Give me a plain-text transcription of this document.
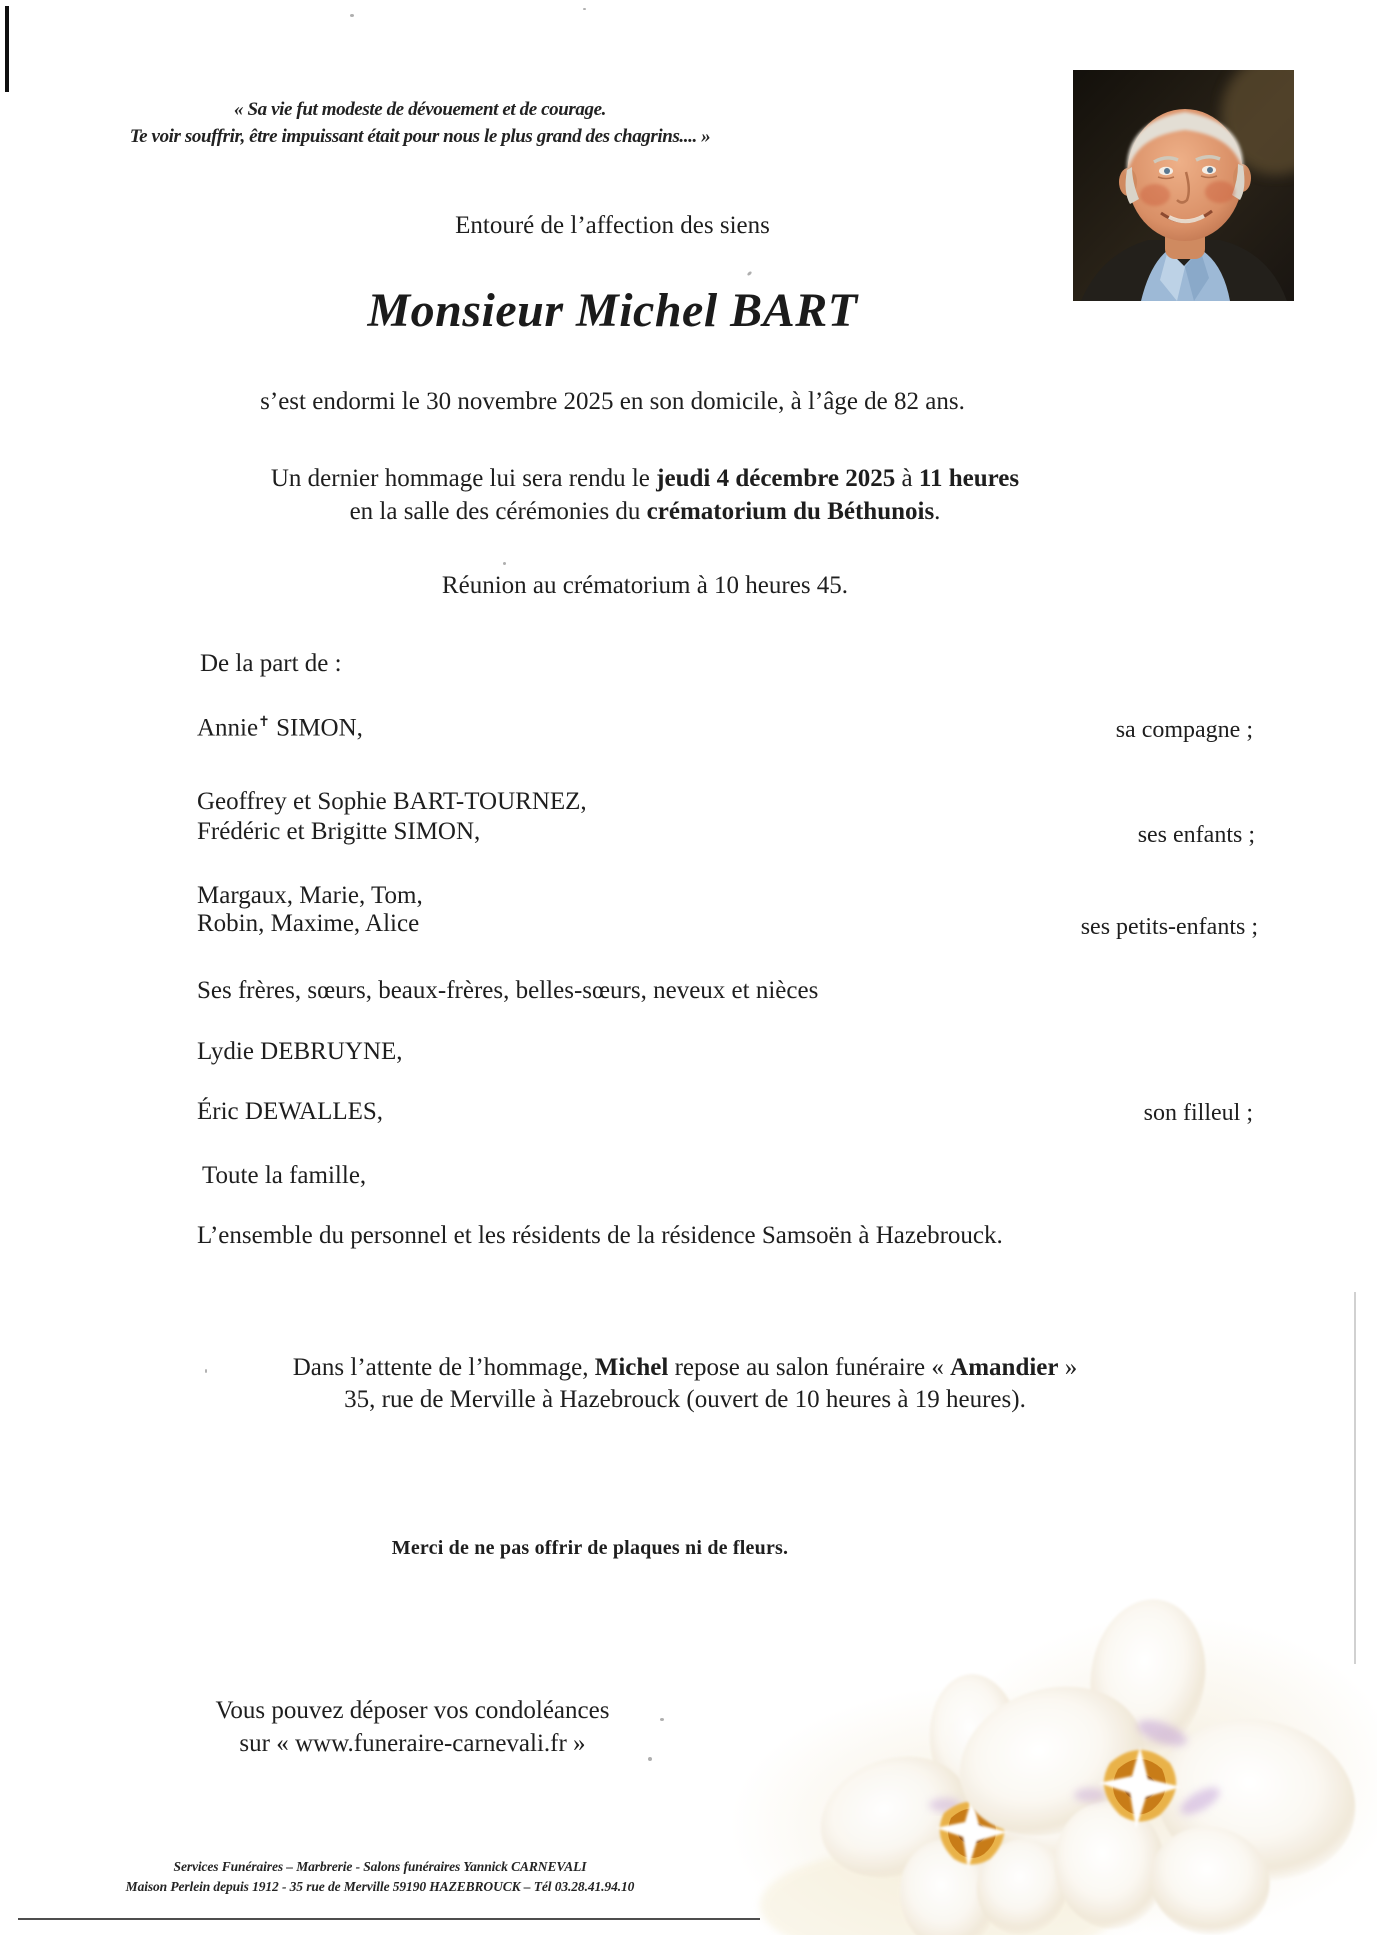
« Sa vie fut modeste de dévouement et de courage.
Te voir souffrir, être impuissant était pour nous le plus grand des chagrins.... »
Entouré de l’affection des siens
Monsieur Michel BART
s’est endormi le 30 novembre 2025 en son domicile, à l’âge de 82 ans.
Un dernier hommage lui sera rendu le jeudi 4 décembre 2025 à 11 heures
en la salle des cérémonies du crématorium du Béthunois.
Réunion au crématorium à 10 heures 45.
De la part de :
Annie✝ SIMON,	sa compagne ;
Geoffrey et Sophie BART-TOURNEZ,
Frédéric et Brigitte SIMON,	ses enfants ;
Margaux, Marie, Tom,
Robin, Maxime, Alice	ses petits-enfants ;
Ses frères, sœurs, beaux-frères, belles-sœurs, neveux et nièces
Lydie DEBRUYNE,
Éric DEWALLES,	son filleul ;
Toute la famille,
L’ensemble du personnel et les résidents de la résidence Samsoën à Hazebrouck.
Dans l’attente de l’hommage, Michel repose au salon funéraire « Amandier »
35, rue de Merville à Hazebrouck (ouvert de 10 heures à 19 heures).
Merci de ne pas offrir de plaques ni de fleurs.
Vous pouvez déposer vos condoléances
sur « www.funeraire-carnevali.fr »
Services Funéraires – Marbrerie - Salons funéraires Yannick CARNEVALI
Maison Perlein depuis 1912 - 35 rue de Merville 59190 HAZEBROUCK – Tél 03.28.41.94.10
